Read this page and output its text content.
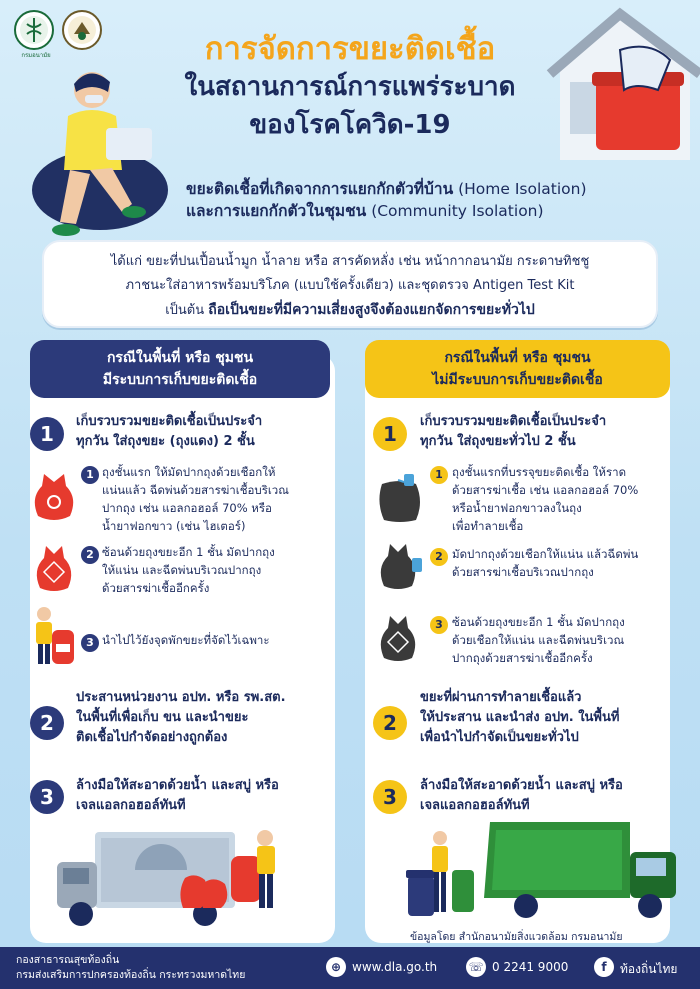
กรมอนามัย	การจัดการขยะติดเชื้อ
ในสถานการณ์การแพร่ระบาด
ของโรคโควิด-19
ขยะติดเชื้อที่เกิดจากการแยกกักตัวที่บ้าน (Home Isolation)
และการแยกกักตัวในชุมชน (Community Isolation)
ได้แก่ ขยะที่ปนเปื้อนน้ำมูก น้ำลาย หรือ สารคัดหลั่ง เช่น หน้ากากอนามัย กระดาษทิชชู
ภาชนะใส่อาหารพร้อมบริโภค (แบบใช้ครั้งเดียว) และชุดตรวจ Antigen Test Kit
เป็นต้น ถือเป็นขยะที่มีความเสี่ยงสูงจึงต้องแยกจัดการขยะทั่วไป
กรณีในพื้นที่ หรือ ชุมชน
มีระบบการเก็บขยะติดเชื้อ
กรณีในพื้นที่ หรือ ชุมชน
ไม่มีระบบการเก็บขยะติดเชื้อ
1
เก็บรวบรวมขยะติดเชื้อเป็นประจำ
ทุกวัน ใส่ถุงขยะ (ถุงแดง) 2 ชั้น
1 ถุงชั้นแรก ให้มัดปากถุงด้วยเชือกให้
แน่นแล้ว ฉีดพ่นด้วยสารฆ่าเชื้อบริเวณ
ปากถุง เช่น แอลกอฮอล์ 70% หรือ
น้ำยาฟอกขาว (เช่น ไฮเตอร์)
2 ซ้อนด้วยถุงขยะอีก 1 ชั้น มัดปากถุง
ให้แน่น และฉีดพ่นบริเวณปากถุง
ด้วยสารฆ่าเชื้ออีกครั้ง
3 นำไปไว้ยังจุดพักขยะที่จัดไว้เฉพาะ
2
ประสานหน่วยงาน อปท. หรือ รพ.สต.
ในพื้นที่เพื่อเก็บ ขน และนำขยะ
ติดเชื้อไปกำจัดอย่างถูกต้อง
3	ล้างมือให้สะอาดด้วยน้ำ และสบู่ หรือ
เจลแอลกอฮอล์ทันที
1
เก็บรวบรวมขยะติดเชื้อเป็นประจำ
ทุกวัน ใส่ถุงขยะทั่วไป 2 ชั้น
1 ถุงชั้นแรกที่บรรจุขยะติดเชื้อ ให้ราด
ด้วยสารฆ่าเชื้อ เช่น แอลกอฮอล์ 70%
หรือน้ำยาฟอกขาวลงในถุง
เพื่อทำลายเชื้อ
2 มัดปากถุงด้วยเชือกให้แน่น แล้วฉีดพ่น
ด้วยสารฆ่าเชื้อบริเวณปากถุง
3 ซ้อนด้วยถุงขยะอีก 1 ชั้น มัดปากถุง
ด้วยเชือกให้แน่น และฉีดพ่นบริเวณ
ปากถุงด้วยสารฆ่าเชื้ออีกครั้ง
2
ขยะที่ผ่านการทำลายเชื้อแล้ว
ให้ประสาน และนำส่ง อปท. ในพื้นที่
เพื่อนำไปกำจัดเป็นขยะทั่วไป
3	ล้างมือให้สะอาดด้วยน้ำ และสบู่ หรือ
เจลแอลกอฮอล์ทันที
ข้อมูลโดย สำนักอนามัยสิ่งแวดล้อม กรมอนามัย
กองสาธารณสุขท้องถิ่น
กรมส่งเสริมการปกครองท้องถิ่น กระทรวงมหาดไทย
⊕ www.dla.go.th	☏ 0 2241 9000	f	ท้องถิ่นไทย
